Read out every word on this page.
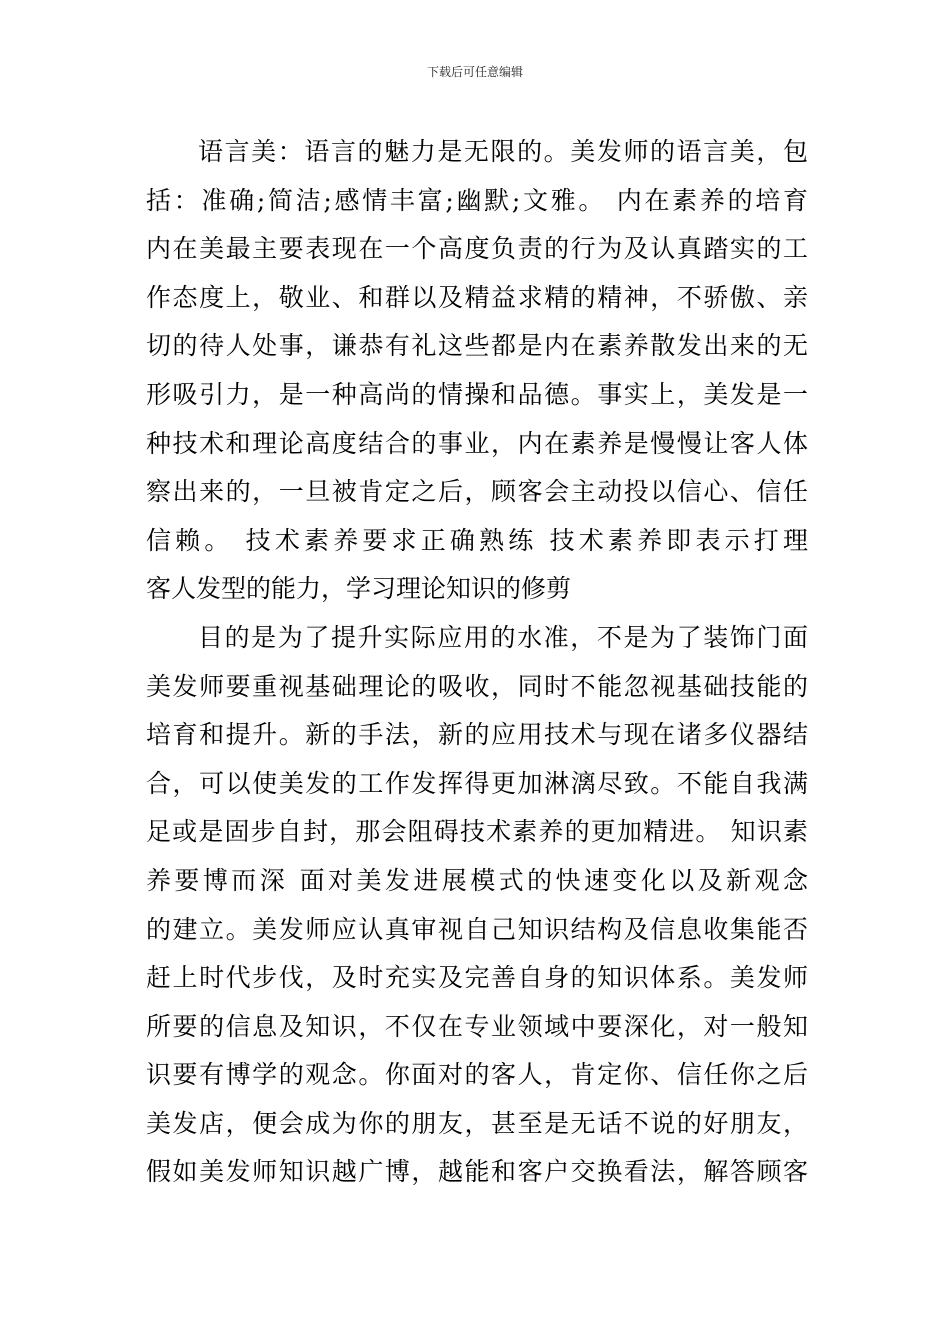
下载后可任意编辑
语言美：语言的魅力是无限的。美发师的语言美，包
括：准确;简洁;感情丰富;幽默;文雅。 内在素养的培育
内在美最主要表现在一个高度负责的行为及认真踏实的工
作态度上，敬业、和群以及精益求精的精神，不骄傲、亲
切的待人处事，谦恭有礼这些都是内在素养散发出来的无
形吸引力，是一种高尚的情操和品德。事实上，美发是一
种技术和理论高度结合的事业，内在素养是慢慢让客人体
察出来的，一旦被肯定之后，顾客会主动投以信心、信任
信赖。 技术素养要求正确熟练 技术素养即表示打理
客人发型的能力，学习理论知识的修剪
目的是为了提升实际应用的水准，不是为了装饰门面
美发师要重视基础理论的吸收，同时不能忽视基础技能的
培育和提升。新的手法，新的应用技术与现在诸多仪器结
合，可以使美发的工作发挥得更加淋漓尽致。不能自我满
足或是固步自封，那会阻碍技术素养的更加精进。 知识素
养要博而深 面对美发进展模式的快速变化以及新观念
的建立。美发师应认真审视自己知识结构及信息收集能否
赶上时代步伐，及时充实及完善自身的知识体系。美发师
所要的信息及知识，不仅在专业领域中要深化，对一般知
识要有博学的观念。你面对的客人，肯定你、信任你之后
美发店，便会成为你的朋友，甚至是无话不说的好朋友，
假如美发师知识越广博，越能和客户交换看法，解答顾客
